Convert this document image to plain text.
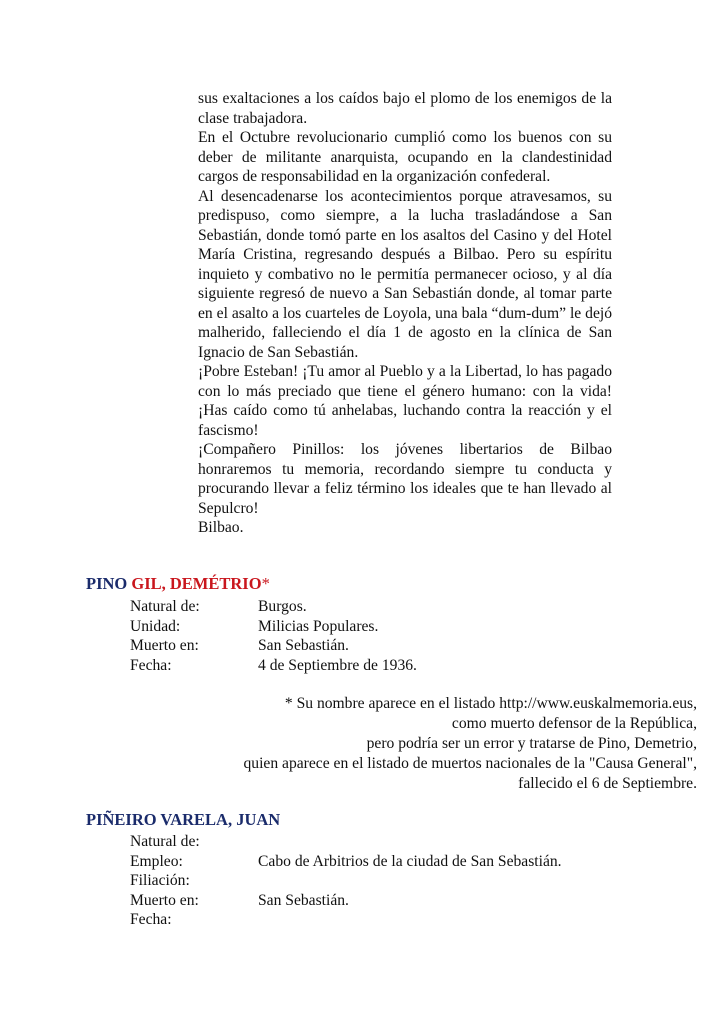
sus exaltaciones a los caídos bajo el plomo de los enemigos de la clase trabajadora.

En el Octubre revolucionario cumplió como los buenos con su deber de militante anarquista, ocupando en la clandestinidad cargos de responsabilidad en la organización confederal.

Al desencadenarse los acontecimientos porque atravesamos, su predispuso, como siempre, a la lucha trasladándose a San Sebastián, donde tomó parte en los asaltos del Casino y del Hotel María Cristina, regresando después a Bilbao. Pero su espíritu inquieto y combativo no le permitía permanecer ocioso, y al día siguiente regresó de nuevo a San Sebastián donde, al tomar parte en el asalto a los cuarteles de Loyola, una bala “dum-dum” le dejó malherido, falleciendo el día 1 de agosto en la clínica de San Ignacio de San Sebastián.

¡Pobre Esteban! ¡Tu amor al Pueblo y a la Libertad, lo has pagado con lo más preciado que tiene el género humano: con la vida! ¡Has caído como tú anhelabas, luchando contra la reacción y el fascismo!

¡Compañero Pinillos: los jóvenes libertarios de Bilbao honraremos tu memoria, recordando siempre tu conducta y procurando llevar a feliz término los ideales que te han llevado al Sepulcro!

Bilbao.

PINO GIL, DEMÉTRIO*
Natural de:	Burgos.
Unidad:	Milicias Populares.
Muerto en:	San Sebastián.
Fecha:	4 de Septiembre de 1936.
* Su nombre aparece en el listado http://www.euskalmemoria.eus,
como muerto defensor de la República,
pero podría ser un error y tratarse de Pino, Demetrio,
quien aparece en el listado de muertos nacionales de la "Causa General",
fallecido el 6 de Septiembre.
PIÑEIRO VARELA, JUAN
Natural de:
Empleo:	Cabo de Arbitrios de la ciudad de San Sebastián.
Filiación:
Muerto en:	San Sebastián.
Fecha:
